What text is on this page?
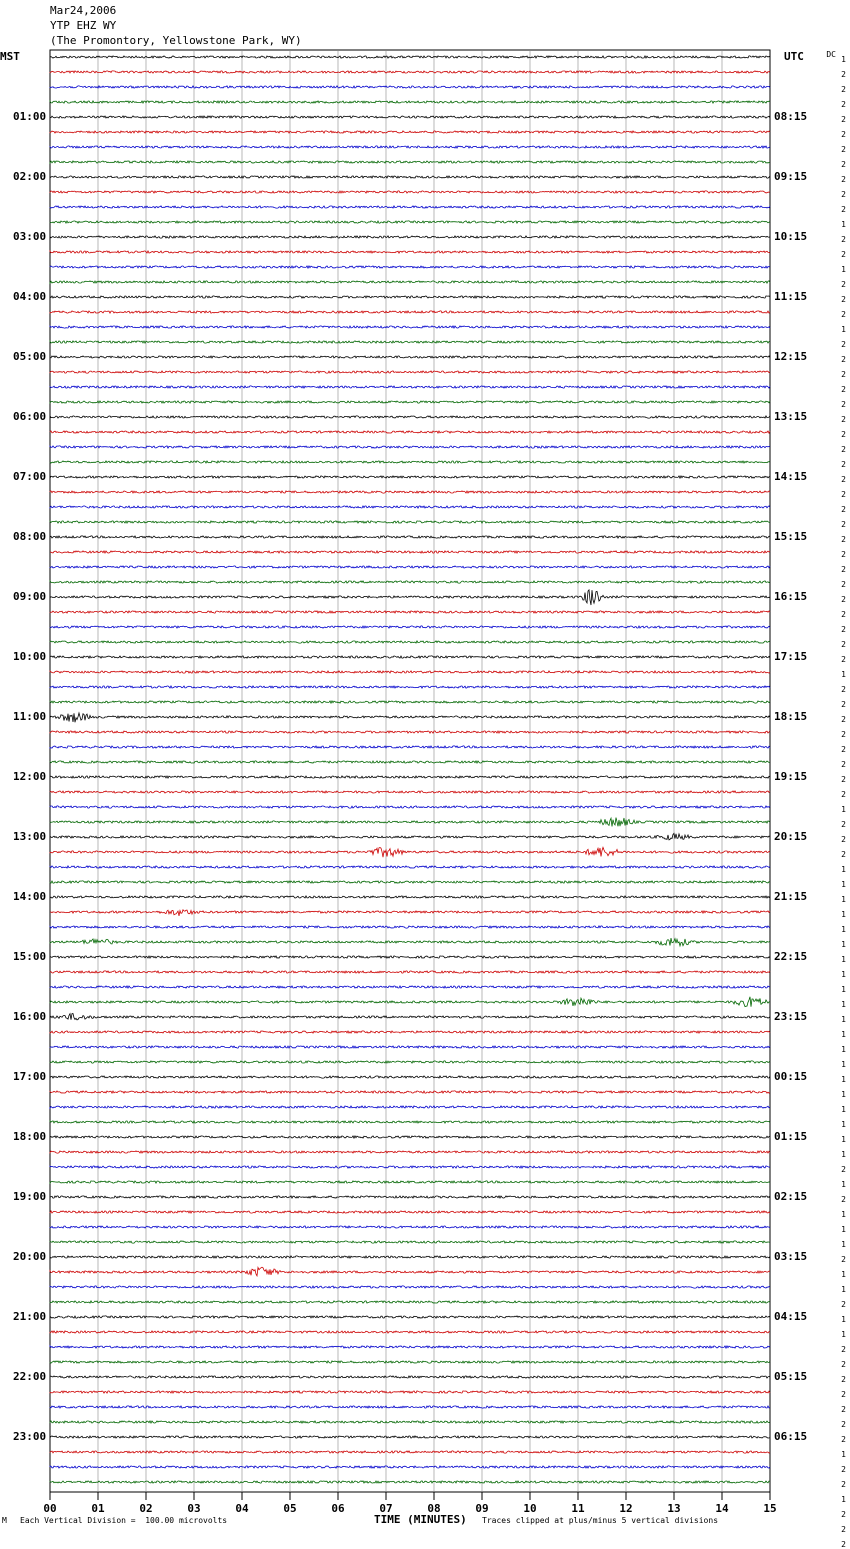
Mar24,2006
YTP EHZ WY
(The Promontory, Yellowstone Park, WY)
MST	UTC	DC
01:00
02:00
03:00
04:00
05:00
06:00
07:00
08:00
09:00
10:00
11:00
12:00
13:00
14:00
15:00
16:00
17:00
18:00
19:00
20:00
21:00
22:00
23:00
08:15
09:15
10:15
11:15
12:15
13:15
14:15
15:15
16:15
17:15
18:15
19:15
20:15
21:15
22:15
23:15
00:15
01:15
02:15
03:15
04:15
05:15
06:15
1
2
2
2
2
2
2
2
2
2
2
1
2
2
1
2
2
2
1
2
2
2
2
2
2
2
2
2
2
2
2
2
2
2
2
2
2
2
2
2
2
1
2
2
2
2
2
2
2
2
1
2
2
2
1
1
1
1
1
1
1
1
1
1
1
1
1
1
1
1
1
1
1
1
2
1
2
1
1
1
2
1
1
2
1
1
2
2
2
2
2
2
2
1
2
2
1
2
2
2
00	01	02	03	04	05	06	07	08	09	10	11	12	13	14	15
M Each Vertical Division =  100.00 microvolts	TIME (MINUTES) Traces clipped at plus/minus 5 vertical divisions
